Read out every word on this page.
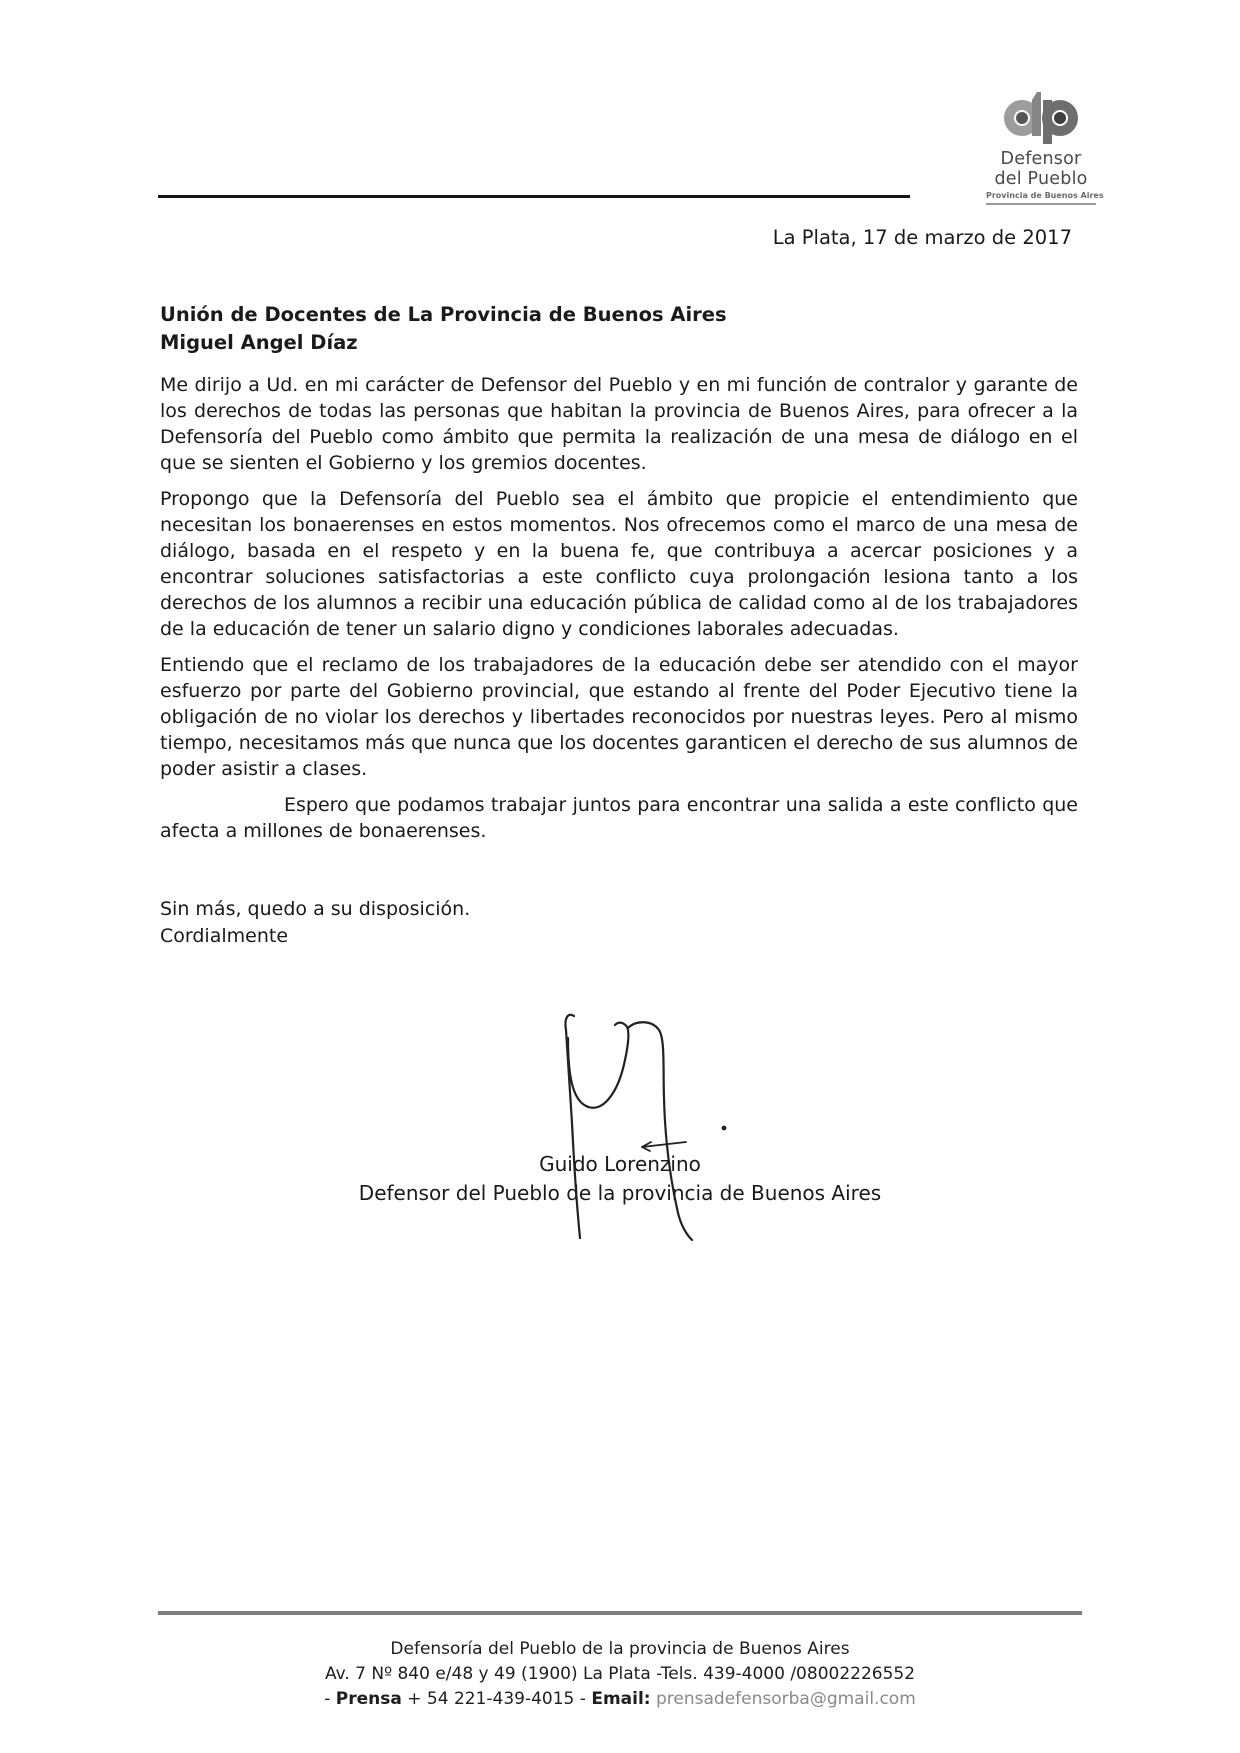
Defensor
del Pueblo
Provincia de Buenos Aires
La Plata, 17 de marzo de 2017
Unión de Docentes de La Provincia de Buenos Aires
Miguel Angel Díaz

Me dirijo a Ud. en mi carácter de Defensor del Pueblo y en mi función de contralor y garante de los derechos de todas las personas que habitan la provincia de Buenos Aires, para ofrecer a la Defensoría del Pueblo como ámbito que permita la realización de una mesa de diálogo en el que se sienten el Gobierno y los gremios docentes.

Propongo que la Defensoría del Pueblo sea el ámbito que propicie el entendimiento que necesitan los bonaerenses en estos momentos. Nos ofrecemos como el marco de una mesa de diálogo, basada en el respeto y en la buena fe, que contribuya a acercar posiciones y a encontrar soluciones satisfactorias a este conflicto cuya prolongación lesiona tanto a los derechos de los alumnos a recibir una educación pública de calidad como al de los trabajadores de la educación de tener un salario digno y condiciones laborales adecuadas.

Entiendo que el reclamo de los trabajadores de la educación debe ser atendido con el mayor esfuerzo por parte del Gobierno provincial, que estando al frente del Poder Ejecutivo tiene la obligación de no violar los derechos y libertades reconocidos por nuestras leyes. Pero al mismo tiempo, necesitamos más que nunca que los docentes garanticen el derecho de sus alumnos de poder asistir a clases.

Espero que podamos trabajar juntos para encontrar una salida a este conflicto que afecta a millones de bonaerenses.

Sin más, quedo a su disposición.
Cordialmente
Guido Lorenzino
Defensor del Pueblo de la provincia de Buenos Aires
Defensoría del Pueblo de la provincia de Buenos Aires
Av. 7 Nº 840 e/48 y 49 (1900) La Plata -Tels. 439-4000 /08002226552
- Prensa + 54 221-439-4015 - Email: prensadefensorba@gmail.com
